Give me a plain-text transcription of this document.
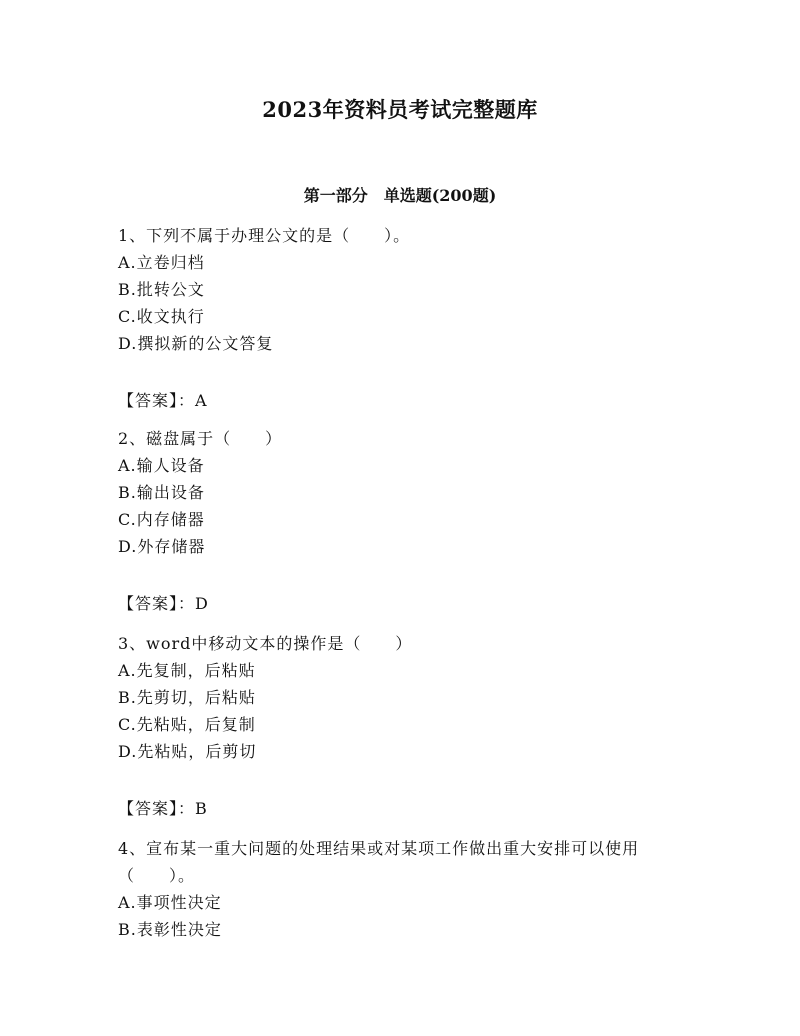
2023年资料员考试完整题库
第一部分　单选题(200题)
1、下列不属于办理公文的是（　　）。
A.立卷归档
B.批转公文
C.收文执行
D.撰拟新的公文答复
【答案】：A
2、磁盘属于（　　）
A.输人设备
B.输出设备
C.内存储器
D.外存储器
【答案】：D
3、word中移动文本的操作是（　　）
A.先复制，后粘贴
B.先剪切，后粘贴
C.先粘贴，后复制
D.先粘贴，后剪切
【答案】：B
4、宣布某一重大问题的处理结果或对某项工作做出重大安排可以使用
（　　）。
A.事项性决定
B.表彰性决定
